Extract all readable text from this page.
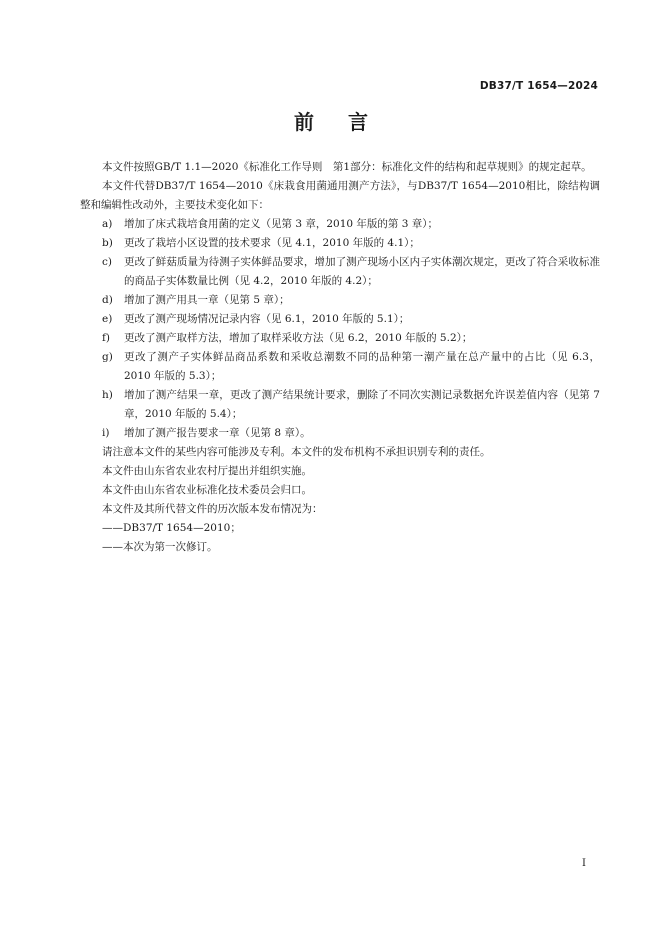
DB37/T 1654—2024
前言

本文件按照GB/T 1.1—2020《标准化工作导则　第1部分：标准化文件的结构和起草规则》的规定起草。

本文件代替DB37/T 1654—2010《床栽食用菌通用测产方法》，与DB37/T 1654—2010相比，除结构调整和编辑性改动外，主要技术变化如下：

a)	增加了床式栽培食用菌的定义（见第 3 章，2010 年版的第 3 章）；
b)	更改了栽培小区设置的技术要求（见 4.1，2010 年版的 4.1）；
c)	更改了鲜菇质量为待测子实体鲜品要求，增加了测产现场小区内子实体潮次规定，更改了符合采收标准的商品子实体数量比例（见 4.2，2010 年版的 4.2）；
d)	增加了测产用具一章（见第 5 章）；
e)	更改了测产现场情况记录内容（见 6.1，2010 年版的 5.1）；
f)	更改了测产取样方法，增加了取样采收方法（见 6.2，2010 年版的 5.2）；
g)	更改了测产子实体鲜品商品系数和采收总潮数不同的品种第一潮产量在总产量中的占比（见 6.3，2010 年版的 5.3）；
h)	增加了测产结果一章，更改了测产结果统计要求，删除了不同次实测记录数据允许误差值内容（见第 7 章，2010 年版的 5.4）；
i)	增加了测产报告要求一章（见第 8 章）。

请注意本文件的某些内容可能涉及专利。本文件的发布机构不承担识别专利的责任。

本文件由山东省农业农村厅提出并组织实施。

本文件由山东省农业标准化技术委员会归口。

本文件及其所代替文件的历次版本发布情况为：

——DB37/T 1654—2010；

——本次为第一次修订。

I
